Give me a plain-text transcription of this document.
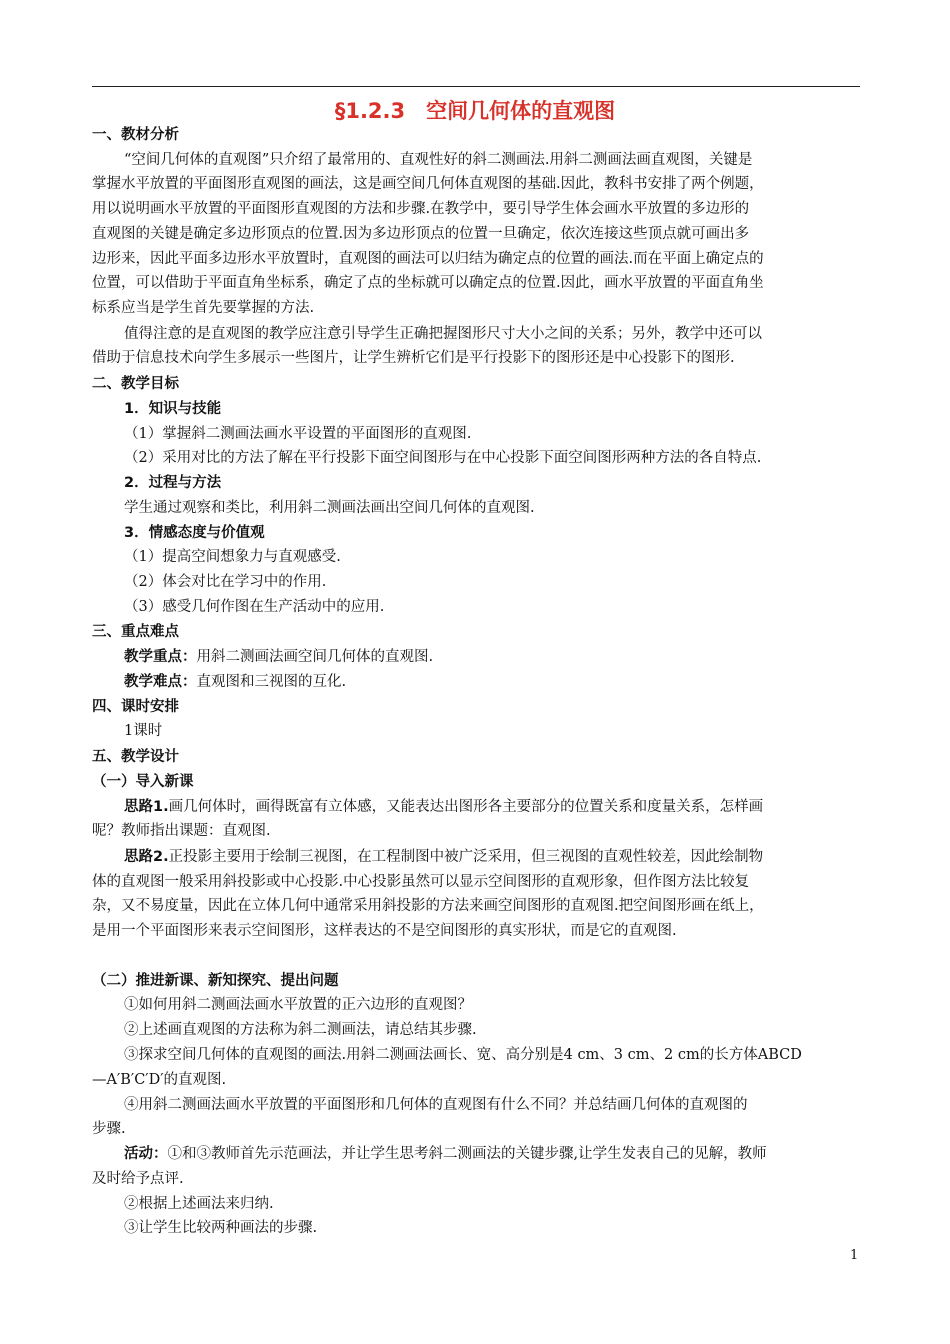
§1.2.3　空间几何体的直观图
一、教材分析
“空间几何体的直观图”只介绍了最常用的、直观性好的斜二测画法.用斜二测画法画直观图，关键是
掌握水平放置的平面图形直观图的画法，这是画空间几何体直观图的基础.因此，教科书安排了两个例题，
用以说明画水平放置的平面图形直观图的方法和步骤.在教学中，要引导学生体会画水平放置的多边形的
直观图的关键是确定多边形顶点的位置.因为多边形顶点的位置一旦确定，依次连接这些顶点就可画出多
边形来，因此平面多边形水平放置时，直观图的画法可以归结为确定点的位置的画法.而在平面上确定点的
位置，可以借助于平面直角坐标系，确定了点的坐标就可以确定点的位置.因此，画水平放置的平面直角坐
标系应当是学生首先要掌握的方法.
值得注意的是直观图的教学应注意引导学生正确把握图形尺寸大小之间的关系；另外，教学中还可以
借助于信息技术向学生多展示一些图片，让学生辨析它们是平行投影下的图形还是中心投影下的图形.
二、教学目标
1．知识与技能
（1）掌握斜二测画法画水平设置的平面图形的直观图.
（2）采用对比的方法了解在平行投影下面空间图形与在中心投影下面空间图形两种方法的各自特点.
2．过程与方法
学生通过观察和类比，利用斜二测画法画出空间几何体的直观图.
3．情感态度与价值观
（1）提高空间想象力与直观感受.
（2）体会对比在学习中的作用.
（3）感受几何作图在生产活动中的应用.
三、重点难点
教学重点：用斜二测画法画空间几何体的直观图.
教学难点：直观图和三视图的互化.
四、课时安排
1课时
五、教学设计
（一）导入新课
思路1.画几何体时，画得既富有立体感，又能表达出图形各主要部分的位置关系和度量关系，怎样画
呢？教师指出课题：直观图.
思路2.正投影主要用于绘制三视图，在工程制图中被广泛采用，但三视图的直观性较差，因此绘制物
体的直观图一般采用斜投影或中心投影.中心投影虽然可以显示空间图形的直观形象，但作图方法比较复
杂，又不易度量，因此在立体几何中通常采用斜投影的方法来画空间图形的直观图.把空间图形画在纸上，
是用一个平面图形来表示空间图形，这样表达的不是空间图形的真实形状，而是它的直观图.
（二）推进新课、新知探究、提出问题
①如何用斜二测画法画水平放置的正六边形的直观图？
②上述画直观图的方法称为斜二测画法，请总结其步骤.
③探求空间几何体的直观图的画法.用斜二测画法画长、宽、高分别是4 cm、3 cm、2 cm的长方体ABCD
—A′B′C′D′的直观图.
④用斜二测画法画水平放置的平面图形和几何体的直观图有什么不同？并总结画几何体的直观图的
步骤.
活动：①和③教师首先示范画法，并让学生思考斜二测画法的关键步骤,让学生发表自己的见解，教师
及时给予点评.
②根据上述画法来归纳.
③让学生比较两种画法的步骤.
1
